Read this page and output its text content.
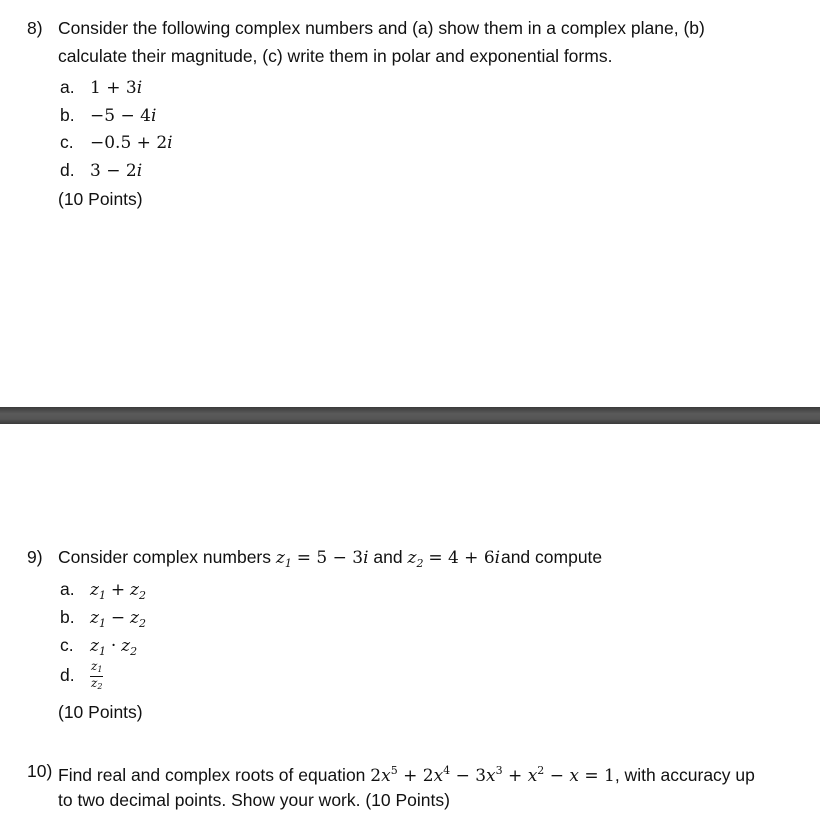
8) Consider the following complex numbers and (a) show them in a complex plane, (b)
calculate their magnitude, (c) write them in polar and exponential forms.
a. 1 + 3i
b. −5 − 4i
c. −0.5 + 2i
d. 3 − 2i
(10 Points)
9) Consider complex numbers $z_1 = 5 - 3i$ and $z_2 = 4 + 6i$ and compute
a. $z_1 + z_2$
b. $z_1 - z_2$
c. $z_1 \cdot z_2$
d. $\frac{z1}{z2}$
(10 Points)
10) Find real and complex roots of equation $2x^5 + 2x^4 - 3x^3 + x^2 - x = 1$, with accuracy up
to two decimal points. Show your work. (10 Points)
